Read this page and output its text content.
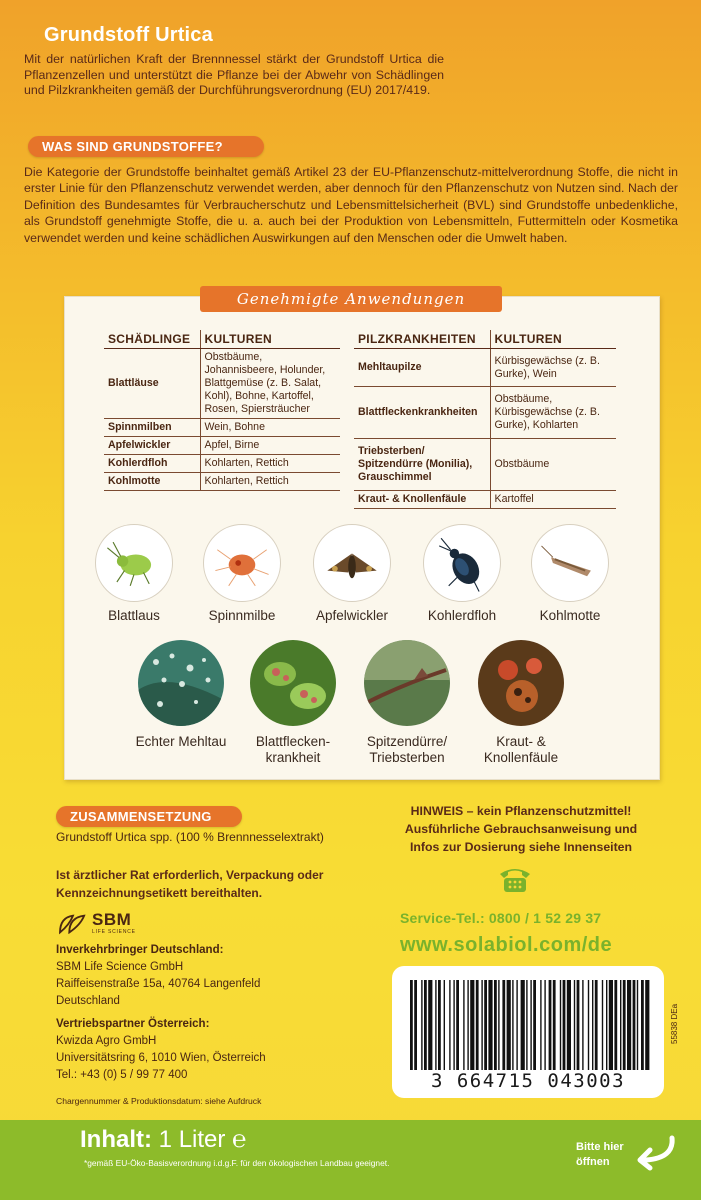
Grundstoff Urtica
Mit der natürlichen Kraft der Brennnessel stärkt der Grundstoff Urtica die Pflanzenzellen und unterstützt die Pflanze bei der Abwehr von Schädlingen und Pilzkrankheiten gemäß der Durchführungsverordnung (EU) 2017/419.
WAS SIND GRUNDSTOFFE?
Die Kategorie der Grundstoffe beinhaltet gemäß Artikel 23 der EU-Pflanzenschutz-mittelverordnung Stoffe, die nicht in erster Linie für den Pflanzenschutz verwendet werden, aber dennoch für den Pflanzenschutz von Nutzen sind. Nach der Definition des Bundesamtes für Verbraucherschutz und Lebensmittelsicherheit (BVL) sind Grundstoffe unbedenkliche, als Grundstoff genehmigte Stoffe, die u. a. auch bei der Produktion von Lebensmitteln, Futtermitteln oder Kosmetika verwendet werden und keine schädlichen Auswirkungen auf den Menschen oder die Umwelt haben.
Genehmigte Anwendungen
SCHÄDLINGE	KULTUREN
Blattläuse	Obstbäume, Johannisbeere, Holunder, Blattgemüse (z. B. Salat, Kohl), Bohne, Kartoffel, Rosen, Spiersträucher
Spinnmilben	Wein, Bohne
Apfelwickler	Apfel, Birne
Kohlerdfloh	Kohlarten, Rettich
Kohlmotte	Kohlarten, Rettich
PILZKRANKHEITEN	KULTUREN
Mehltaupilze	Kürbisgewächse (z. B. Gurke), Wein
Blattfleckenkrankheiten	Obstbäume, Kürbisgewächse (z. B. Gurke), Kohlarten
Triebsterben/ Spitzendürre (Monilia), Grauschimmel	Obstbäume
Kraut- & Knollenfäule	Kartoffel
Blattlaus	Spinnmilbe	Apfelwickler	Kohlerdfloh	Kohlmotte
Echter Mehltau	Blattflecken-
krankheit
Spitzendürre/
Triebsterben
Kraut- &
Knollenfäule
ZUSAMMENSETZUNG
Grundstoff Urtica spp. (100 % Brennnesselextrakt)
Ist ärztlicher Rat erforderlich, Verpackung oder Kennzeichnungsetikett bereithalten.
SBM
LIFE SCIENCE
Inverkehrbringer Deutschland:
SBM Life Science GmbH
Raiffeisenstraße 15a, 40764 Langenfeld
Deutschland
Vertriebspartner Österreich:
Kwizda Agro GmbH
Universitätsring 6, 1010 Wien, Österreich
Tel.: +43 (0) 5 / 99 77 400
Chargennummer & Produktionsdatum: siehe Aufdruck
HINWEIS – kein Pflanzenschutzmittel!
Ausführliche Gebrauchsanweisung und
Infos zur Dosierung siehe Innenseiten
Service-Tel.: 0800 / 1 52 29 37
www.solabiol.com/de
3 664715 043003
55838 DEa
Inhalt: 1 Liter ℮
*gemäß EU-Öko-Basisverordnung i.d.g.F. für den ökologischen Landbau geeignet.
Bitte hier
öffnen
